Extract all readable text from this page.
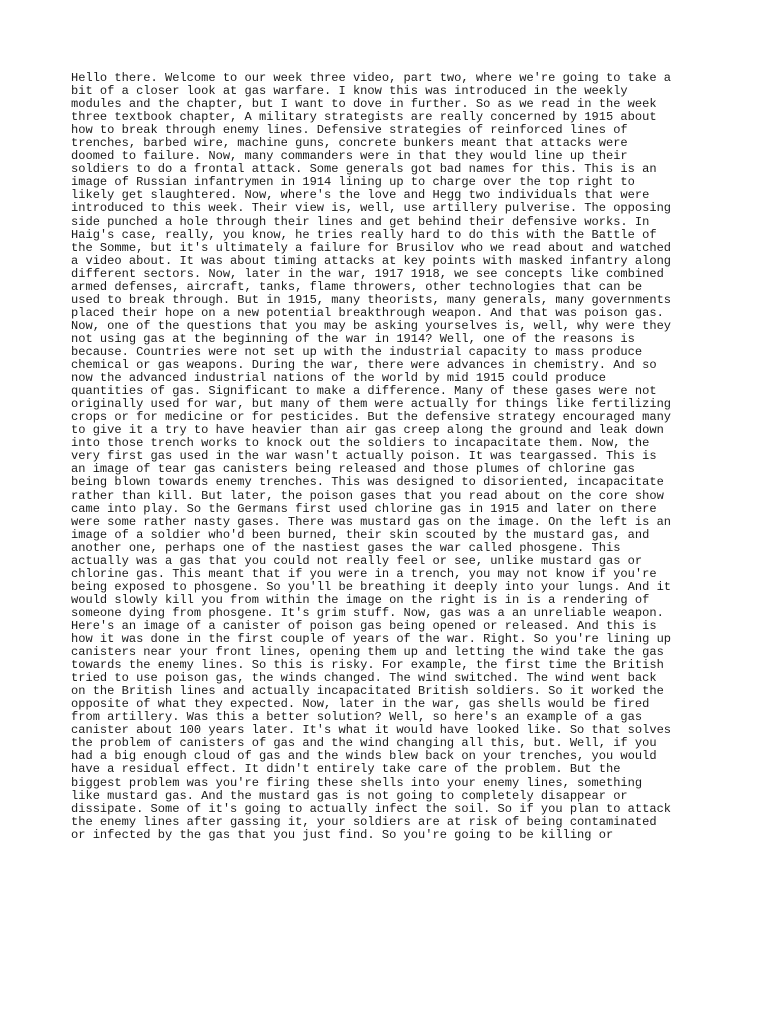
Hello there. Welcome to our week three video, part two, where we're going to take a
bit of a closer look at gas warfare. I know this was introduced in the weekly
modules and the chapter, but I want to dove in further. So as we read in the week
three textbook chapter, A military strategists are really concerned by 1915 about
how to break through enemy lines. Defensive strategies of reinforced lines of
trenches, barbed wire, machine guns, concrete bunkers meant that attacks were
doomed to failure. Now, many commanders were in that they would line up their
soldiers to do a frontal attack. Some generals got bad names for this. This is an
image of Russian infantrymen in 1914 lining up to charge over the top right to
likely get slaughtered. Now, where's the love and Hegg two individuals that were
introduced to this week. Their view is, well, use artillery pulverise. The opposing
side punched a hole through their lines and get behind their defensive works. In
Haig's case, really, you know, he tries really hard to do this with the Battle of
the Somme, but it's ultimately a failure for Brusilov who we read about and watched
a video about. It was about timing attacks at key points with masked infantry along
different sectors. Now, later in the war, 1917 1918, we see concepts like combined
armed defenses, aircraft, tanks, flame throwers, other technologies that can be
used to break through. But in 1915, many theorists, many generals, many governments
placed their hope on a new potential breakthrough weapon. And that was poison gas.
Now, one of the questions that you may be asking yourselves is, well, why were they
not using gas at the beginning of the war in 1914? Well, one of the reasons is
because. Countries were not set up with the industrial capacity to mass produce
chemical or gas weapons. During the war, there were advances in chemistry. And so
now the advanced industrial nations of the world by mid 1915 could produce
quantities of gas. Significant to make a difference. Many of these gases were not
originally used for war, but many of them were actually for things like fertilizing
crops or for medicine or for pesticides. But the defensive strategy encouraged many
to give it a try to have heavier than air gas creep along the ground and leak down
into those trench works to knock out the soldiers to incapacitate them. Now, the
very first gas used in the war wasn't actually poison. It was teargassed. This is
an image of tear gas canisters being released and those plumes of chlorine gas
being blown towards enemy trenches. This was designed to disoriented, incapacitate
rather than kill. But later, the poison gases that you read about on the core show
came into play. So the Germans first used chlorine gas in 1915 and later on there
were some rather nasty gases. There was mustard gas on the image. On the left is an
image of a soldier who'd been burned, their skin scouted by the mustard gas, and
another one, perhaps one of the nastiest gases the war called phosgene. This
actually was a gas that you could not really feel or see, unlike mustard gas or
chlorine gas. This meant that if you were in a trench, you may not know if you're
being exposed to phosgene. So you'll be breathing it deeply into your lungs. And it
would slowly kill you from within the image on the right is in is a rendering of
someone dying from phosgene. It's grim stuff. Now, gas was a an unreliable weapon.
Here's an image of a canister of poison gas being opened or released. And this is
how it was done in the first couple of years of the war. Right. So you're lining up
canisters near your front lines, opening them up and letting the wind take the gas
towards the enemy lines. So this is risky. For example, the first time the British
tried to use poison gas, the winds changed. The wind switched. The wind went back
on the British lines and actually incapacitated British soldiers. So it worked the
opposite of what they expected. Now, later in the war, gas shells would be fired
from artillery. Was this a better solution? Well, so here's an example of a gas
canister about 100 years later. It's what it would have looked like. So that solves
the problem of canisters of gas and the wind changing all this, but. Well, if you
had a big enough cloud of gas and the winds blew back on your trenches, you would
have a residual effect. It didn't entirely take care of the problem. But the
biggest problem was you're firing these shells into your enemy lines, something
like mustard gas. And the mustard gas is not going to completely disappear or
dissipate. Some of it's going to actually infect the soil. So if you plan to attack
the enemy lines after gassing it, your soldiers are at risk of being contaminated
or infected by the gas that you just find. So you're going to be killing or
